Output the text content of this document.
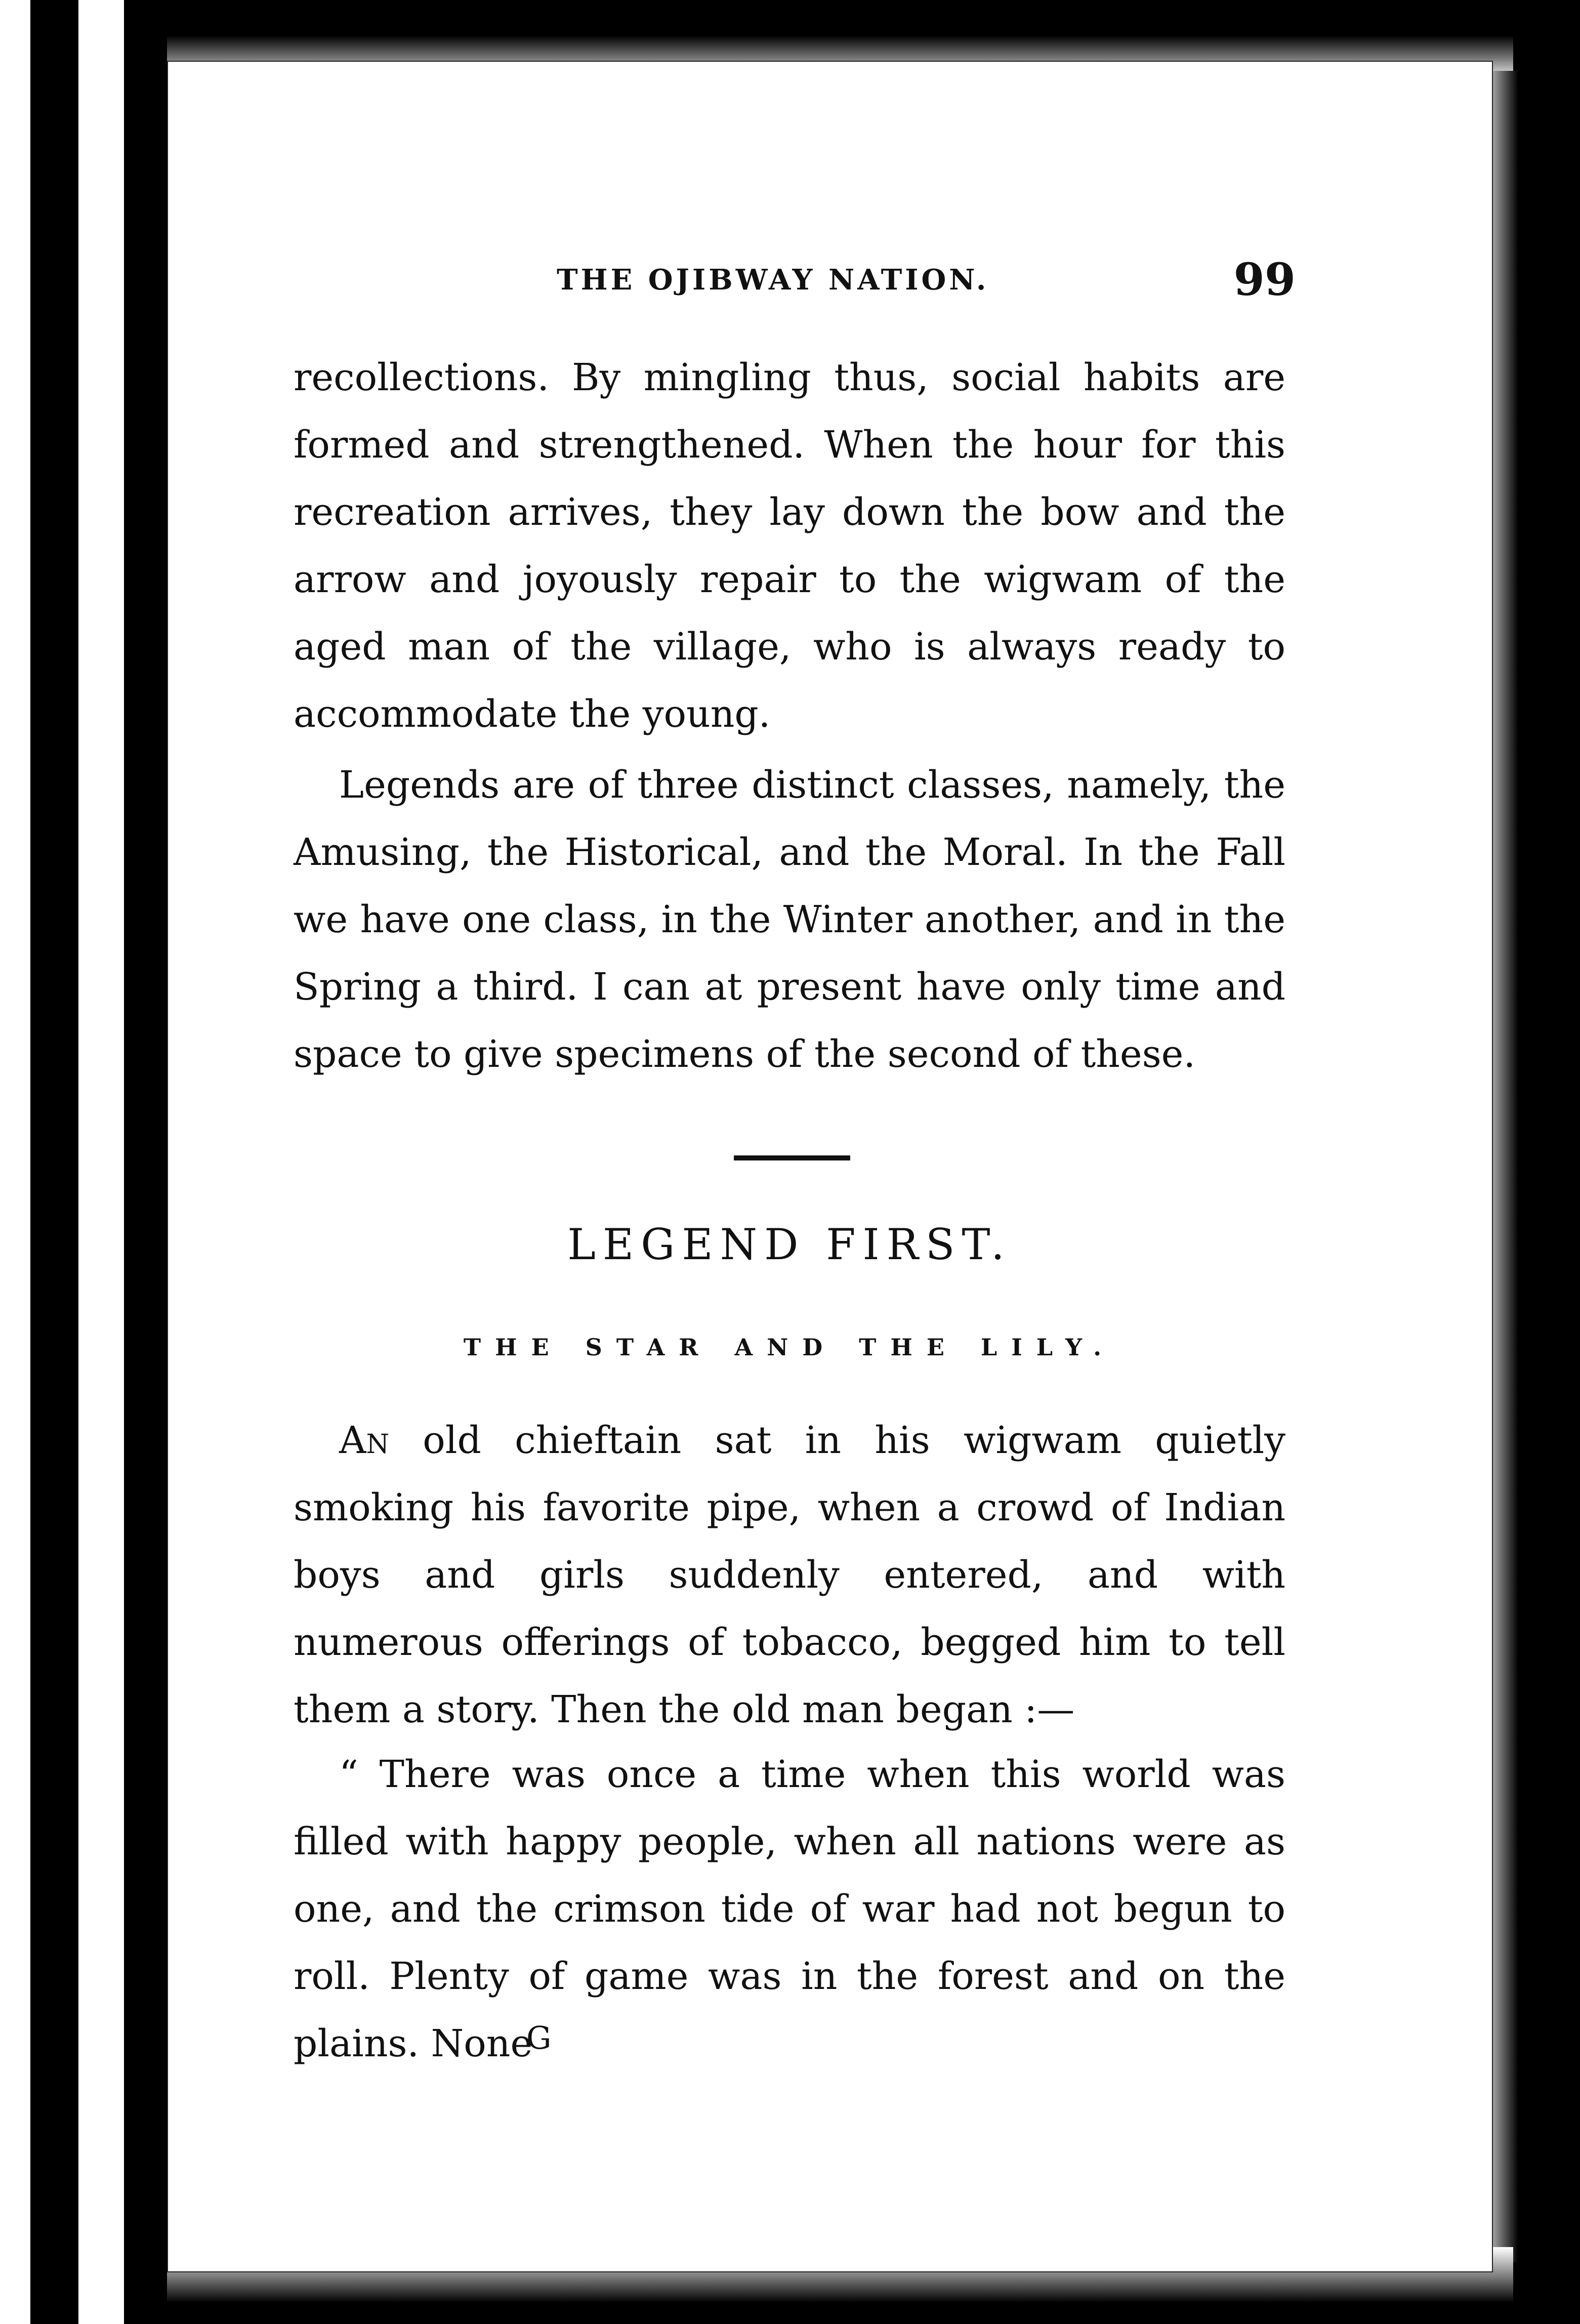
THE OJIBWAY NATION.	99
recollections. By mingling thus, social habits are formed and strengthened. When the hour for this recreation arrives, they lay down the bow and the arrow and joyously repair to the wigwam of the aged man of the village, who is always ready to accommodate the young.
Legends are of three distinct classes, namely, the Amusing, the Historical, and the Moral. In the Fall we have one class, in the Winter another, and in the Spring a third. I can at present have only time and space to give specimens of the second of these.
LEGEND FIRST.
THE STAR AND THE LILY.
An old chieftain sat in his wigwam quietly smoking his favorite pipe, when a crowd of Indian boys and girls suddenly entered, and with numerous offerings of tobacco, begged him to tell them a story. Then the old man began :—
“ There was once a time when this world was filled with happy people, when all nations were as one, and the crimson tide of war had not begun to roll. Plenty of game was in the forest and on the plains. None
G
